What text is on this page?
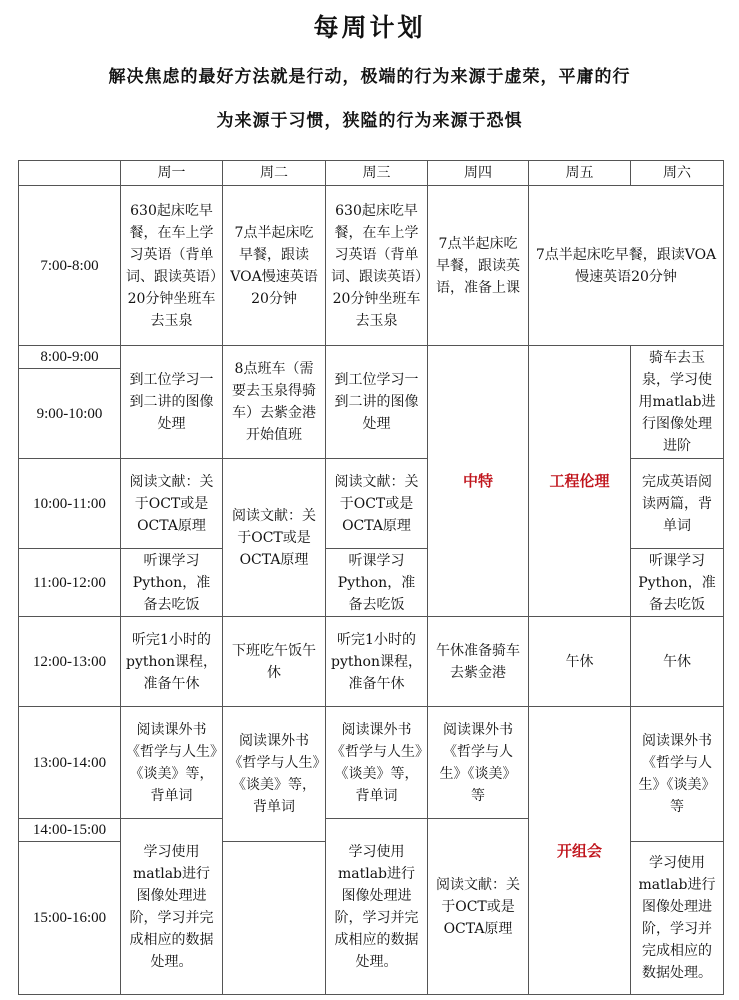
每周计划
解决焦虑的最好方法就是行动，极端的行为来源于虚荣，平庸的行
为来源于习惯，狭隘的行为来源于恐惧
	周一	周二	周三	周四	周五	周六
7:00-8:00	630起床吃早餐，在车上学习英语（背单词、跟读英语）20分钟坐班车去玉泉	7点半起床吃早餐，跟读VOA慢速英语20分钟	630起床吃早餐，在车上学习英语（背单词、跟读英语）20分钟坐班车去玉泉	7点半起床吃早餐，跟读英语，准备上课	7点半起床吃早餐，跟读VOA慢速英语20分钟	
8:00-9:00	到工位学习一到二讲的图像处理	8点班车（需要去玉泉得骑车）去紫金港开始值班	到工位学习一到二讲的图像处理	中特	工程伦理	骑车去玉泉，学习使用matlab进行图像处理进阶
9:00-10:00						
10:00-11:00	阅读文献：关于OCT或是OCTA原理	阅读文献：关于OCT或是OCTA原理	阅读文献：关于OCT或是OCTA原理			完成英语阅读两篇，背单词
11:00-12:00	听课学习Python，准备去吃饭		听课学习Python，准备去吃饭			听课学习Python，准备去吃饭
12:00-13:00	听完1小时的python课程，准备午休	下班吃午饭午休	听完1小时的python课程，准备午休	午休准备骑车去紫金港	午休	午休
13:00-14:00	阅读课外书《哲学与人生》《谈美》等，背单词	阅读课外书《哲学与人生》《谈美》等，背单词	阅读课外书《哲学与人生》《谈美》等，背单词	阅读课外书《哲学与人生》《谈美》等	开组会	阅读课外书《哲学与人生》《谈美》等
14:00-15:00	学习使用matlab进行图像处理进阶，学习并完成相应的数据处理。		学习使用matlab进行图像处理进阶，学习并完成相应的数据处理。	阅读文献：关于OCT或是OCTA原理		
15:00-16:00						学习使用matlab进行图像处理进阶，学习并完成相应的数据处理。
